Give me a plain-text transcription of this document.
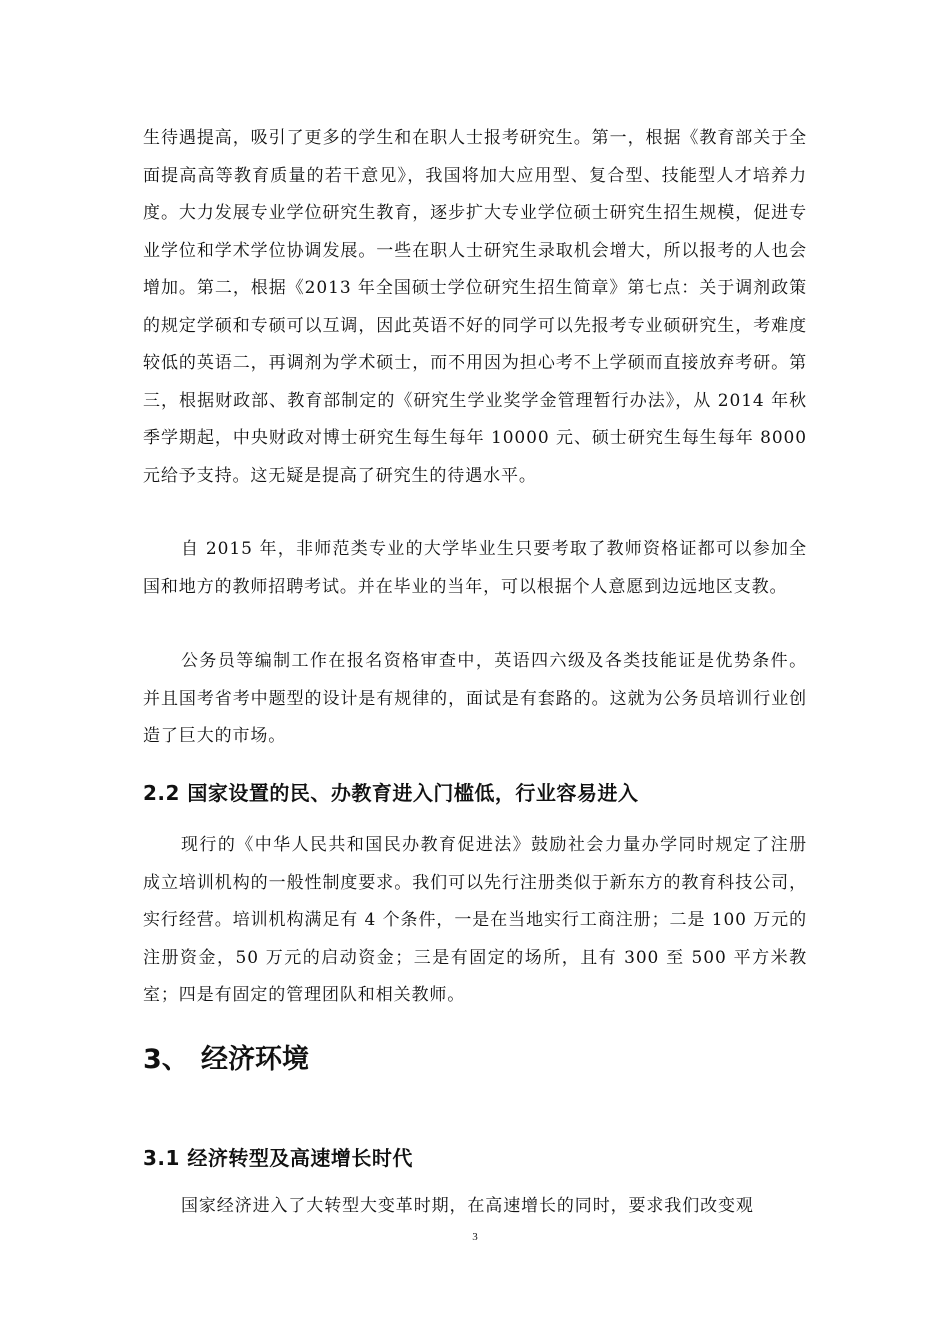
生待遇提高，吸引了更多的学生和在职人士报考研究生。第一，根据《教育部关于全面提高高等教育质量的若干意见》，我国将加大应用型、复合型、技能型人才培养力度。大力发展专业学位研究生教育，逐步扩大专业学位硕士研究生招生规模，促进专业学位和学术学位协调发展。一些在职人士研究生录取机会增大，所以报考的人也会增加。第二，根据《2013 年全国硕士学位研究生招生简章》第七点：关于调剂政策的规定学硕和专硕可以互调，因此英语不好的同学可以先报考专业硕研究生，考难度较低的英语二，再调剂为学术硕士，而不用因为担心考不上学硕而直接放弃考研。第三，根据财政部、教育部制定的《研究生学业奖学金管理暂行办法》，从 2014 年秋季学期起，中央财政对博士研究生每生每年 10000 元、硕士研究生每生每年 8000 元给予支持。这无疑是提高了研究生的待遇水平。

自 2015 年，非师范类专业的大学毕业生只要考取了教师资格证都可以参加全国和地方的教师招聘考试。并在毕业的当年，可以根据个人意愿到边远地区支教。

公务员等编制工作在报名资格审查中，英语四六级及各类技能证是优势条件。并且国考省考中题型的设计是有规律的，面试是有套路的。这就为公务员培训行业创造了巨大的市场。

2.2 国家设置的民、办教育进入门槛低，行业容易进入

现行的《中华人民共和国民办教育促进法》鼓励社会力量办学同时规定了注册成立培训机构的一般性制度要求。我们可以先行注册类似于新东方的教育科技公司，实行经营。培训机构满足有 4 个条件，一是在当地实行工商注册；二是 100 万元的注册资金，50 万元的启动资金；三是有固定的场所，且有 300 至 500 平方米教室；四是有固定的管理团队和相关教师。

3、 经济环境
3.1 经济转型及高速增长时代

国家经济进入了大转型大变革时期，在高速增长的同时，要求我们改变观

3
